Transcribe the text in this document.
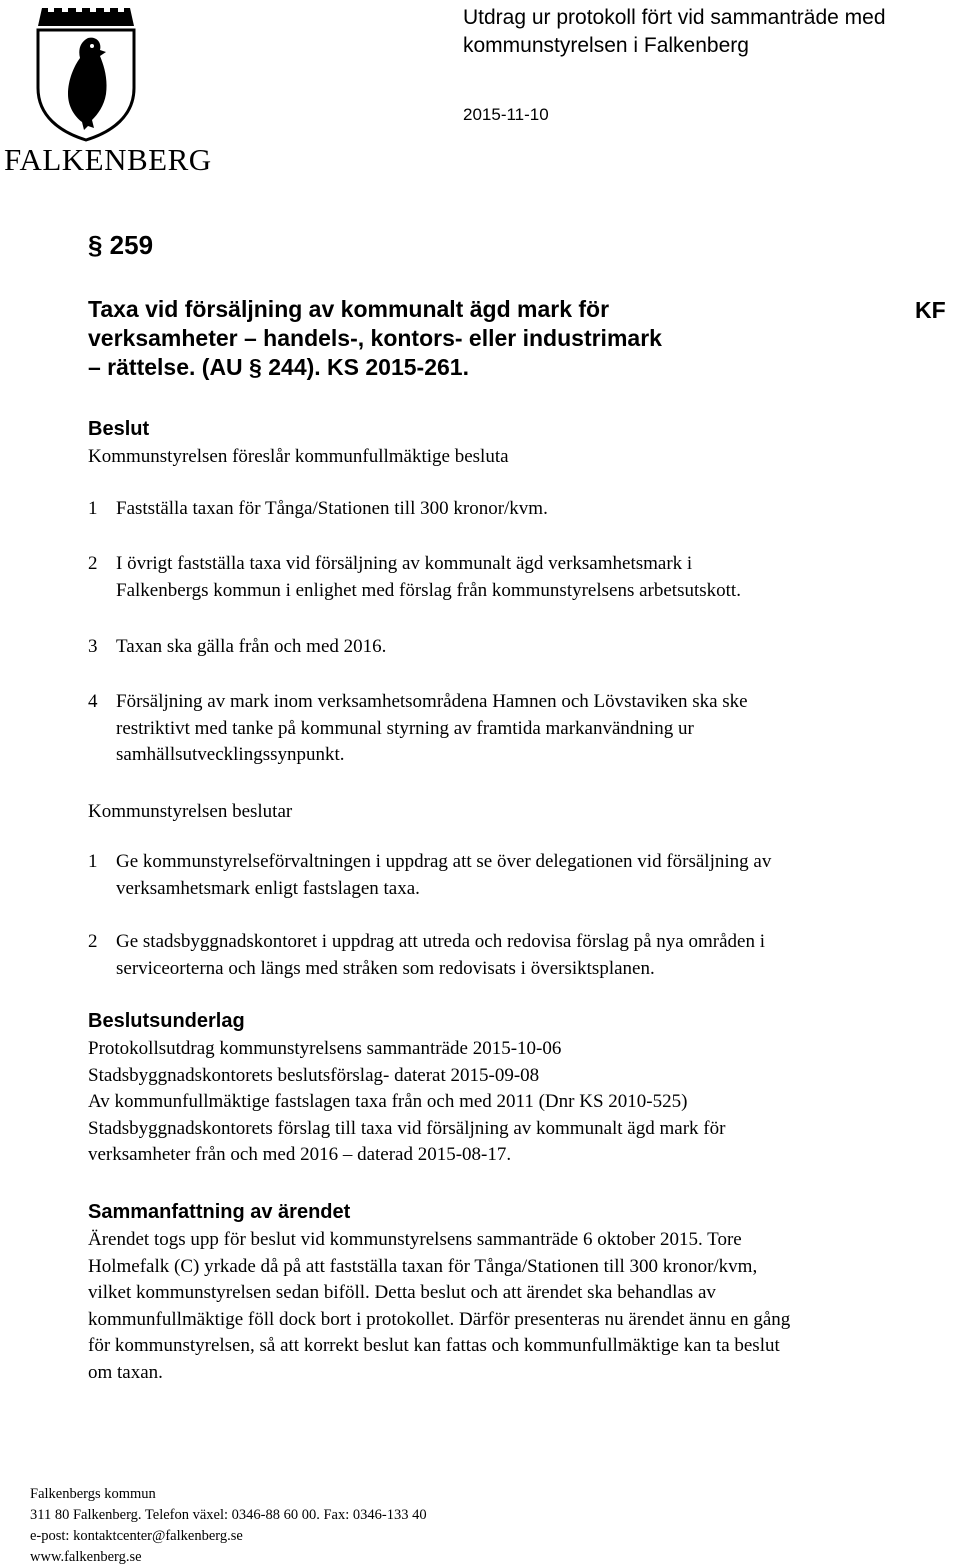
FALKENBERG
Utdrag ur protokoll fört vid sammanträde med
kommunstyrelsen i Falkenberg
2015-11-10
§ 259
KF
Taxa vid försäljning av kommunalt ägd mark för
verksamheter – handels-, kontors- eller industrimark
– rättelse. (AU § 244). KS 2015-261.
Beslut
Kommunstyrelsen föreslår kommunfullmäktige besluta
1 Fastställa taxan för Tånga/Stationen till 300 kronor/kvm.
2 I övrigt fastställa taxa vid försäljning av kommunalt ägd verksamhetsmark i
Falkenbergs kommun i enlighet med förslag från kommunstyrelsens arbetsutskott.
3 Taxan ska gälla från och med 2016.
4 Försäljning av mark inom verksamhetsområdena Hamnen och Lövstaviken ska ske
restriktivt med tanke på kommunal styrning av framtida markanvändning ur
samhällsutvecklingssynpunkt.
Kommunstyrelsen beslutar
1 Ge kommunstyrelseförvaltningen i uppdrag att se över delegationen vid försäljning av
verksamhetsmark enligt fastslagen taxa.
2 Ge stadsbyggnadskontoret i uppdrag att utreda och redovisa förslag på nya områden i
serviceorterna och längs med stråken som redovisats i översiktsplanen.
Beslutsunderlag
Protokollsutdrag kommunstyrelsens sammanträde 2015-10-06
Stadsbyggnadskontorets beslutsförslag- daterat 2015-09-08
Av kommunfullmäktige fastslagen taxa från och med 2011 (Dnr KS 2010-525)
Stadsbyggnadskontorets förslag till taxa vid försäljning av kommunalt ägd mark för
verksamheter från och med 2016 – daterad 2015-08-17.
Sammanfattning av ärendet
Ärendet togs upp för beslut vid kommunstyrelsens sammanträde 6 oktober 2015. Tore
Holmefalk (C) yrkade då på att fastställa taxan för Tånga/Stationen till 300 kronor/kvm,
vilket kommunstyrelsen sedan biföll. Detta beslut och att ärendet ska behandlas av
kommunfullmäktige föll dock bort i protokollet. Därför presenteras nu ärendet ännu en gång
för kommunstyrelsen, så att korrekt beslut kan fattas och kommunfullmäktige kan ta beslut
om taxan.
Falkenbergs kommun
311 80 Falkenberg. Telefon växel: 0346-88 60 00. Fax: 0346-133 40
e-post: kontaktcenter@falkenberg.se
www.falkenberg.se
